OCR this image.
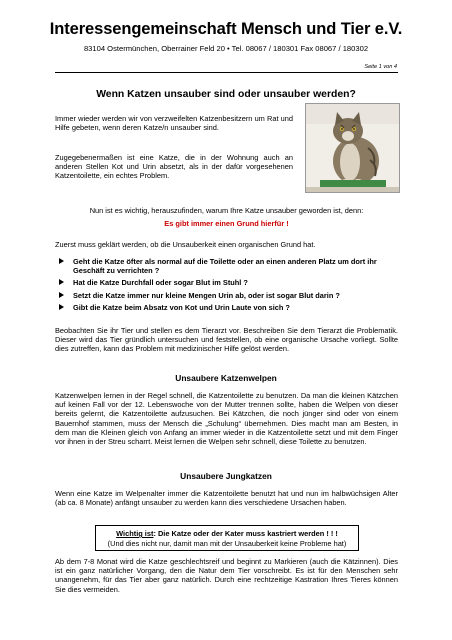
Interessengemeinschaft Mensch und Tier e.V.
83104 Ostermünchen, Oberrainer Feld 20 • Tel. 08067 / 180301 Fax 08067 / 180302
Seite 1 von 4
Wenn Katzen unsauber sind oder unsauber werden?
Immer wieder werden wir von verzweifelten Katzenbesitzern um Rat und Hilfe gebeten, wenn deren Katze/n unsauber sind.
Zugegebenermaßen ist eine Katze, die in der Wohnung auch an anderen Stellen Kot und Urin absetzt, als in der dafür vorgesehenen Katzentoilette, ein echtes Problem.
Nun ist es wichtig, herauszufinden, warum Ihre Katze unsauber geworden ist, denn:
Es gibt immer einen Grund hierfür !
Zuerst muss geklärt werden, ob die Unsauberkeit einen organischen Grund hat.
Geht die Katze öfter als normal auf die Toilette oder an einen anderen Platz um dort ihr Geschäft zu verrichten ?
Hat die Katze Durchfall oder sogar Blut im Stuhl ?
Setzt die Katze immer nur kleine Mengen Urin ab, oder ist sogar Blut darin ?
Gibt die Katze beim Absatz von Kot und Urin Laute von sich ?
Beobachten Sie ihr Tier und stellen es dem Tierarzt vor. Beschreiben Sie dem Tierarzt die Problematik. Dieser wird das Tier gründlich untersuchen und feststellen, ob eine organische Ursache vorliegt. Sollte dies zutreffen, kann das Problem mit medizinischer Hilfe gelöst werden.
Unsaubere Katzenwelpen
Katzenwelpen lernen in der Regel schnell, die Katzentoilette zu benutzen. Da man die kleinen Kätzchen auf keinen Fall vor der 12. Lebenswoche von der Mutter trennen sollte, haben die Welpen von dieser bereits gelernt, die Katzentoilette aufzusuchen. Bei Kätzchen, die noch jünger sind oder von einem Bauernhof stammen, muss der Mensch die „Schulung“ übernehmen. Dies macht man am Besten, in dem man die Kleinen gleich von Anfang an immer wieder in die Katzentoilette setzt und mit dem Finger vor ihnen in der Streu scharrt. Meist lernen die Welpen sehr schnell, diese Toilette zu benutzen.
Unsaubere Jungkatzen
Wenn eine Katze im Welpenalter immer die Katzentoilette benutzt hat und nun im halbwüchsigen Alter (ab ca. 8 Monate) anfängt unsauber zu werden kann dies verschiedene Ursachen haben.
Wichtig ist: Die Katze oder der Kater muss kastriert werden ! ! !
(Und dies nicht nur, damit man mit der Unsauberkeit keine Probleme hat)
Ab dem 7-8 Monat wird die Katze geschlechtsreif und beginnt zu Markieren (auch die Kätzinnen). Dies ist ein ganz natürlicher Vorgang, den die Natur dem Tier vorschreibt. Es ist für den Menschen sehr unangenehm, für das Tier aber ganz natürlich. Durch eine rechtzeitige Kastration Ihres Tieres können Sie dies vermeiden.
